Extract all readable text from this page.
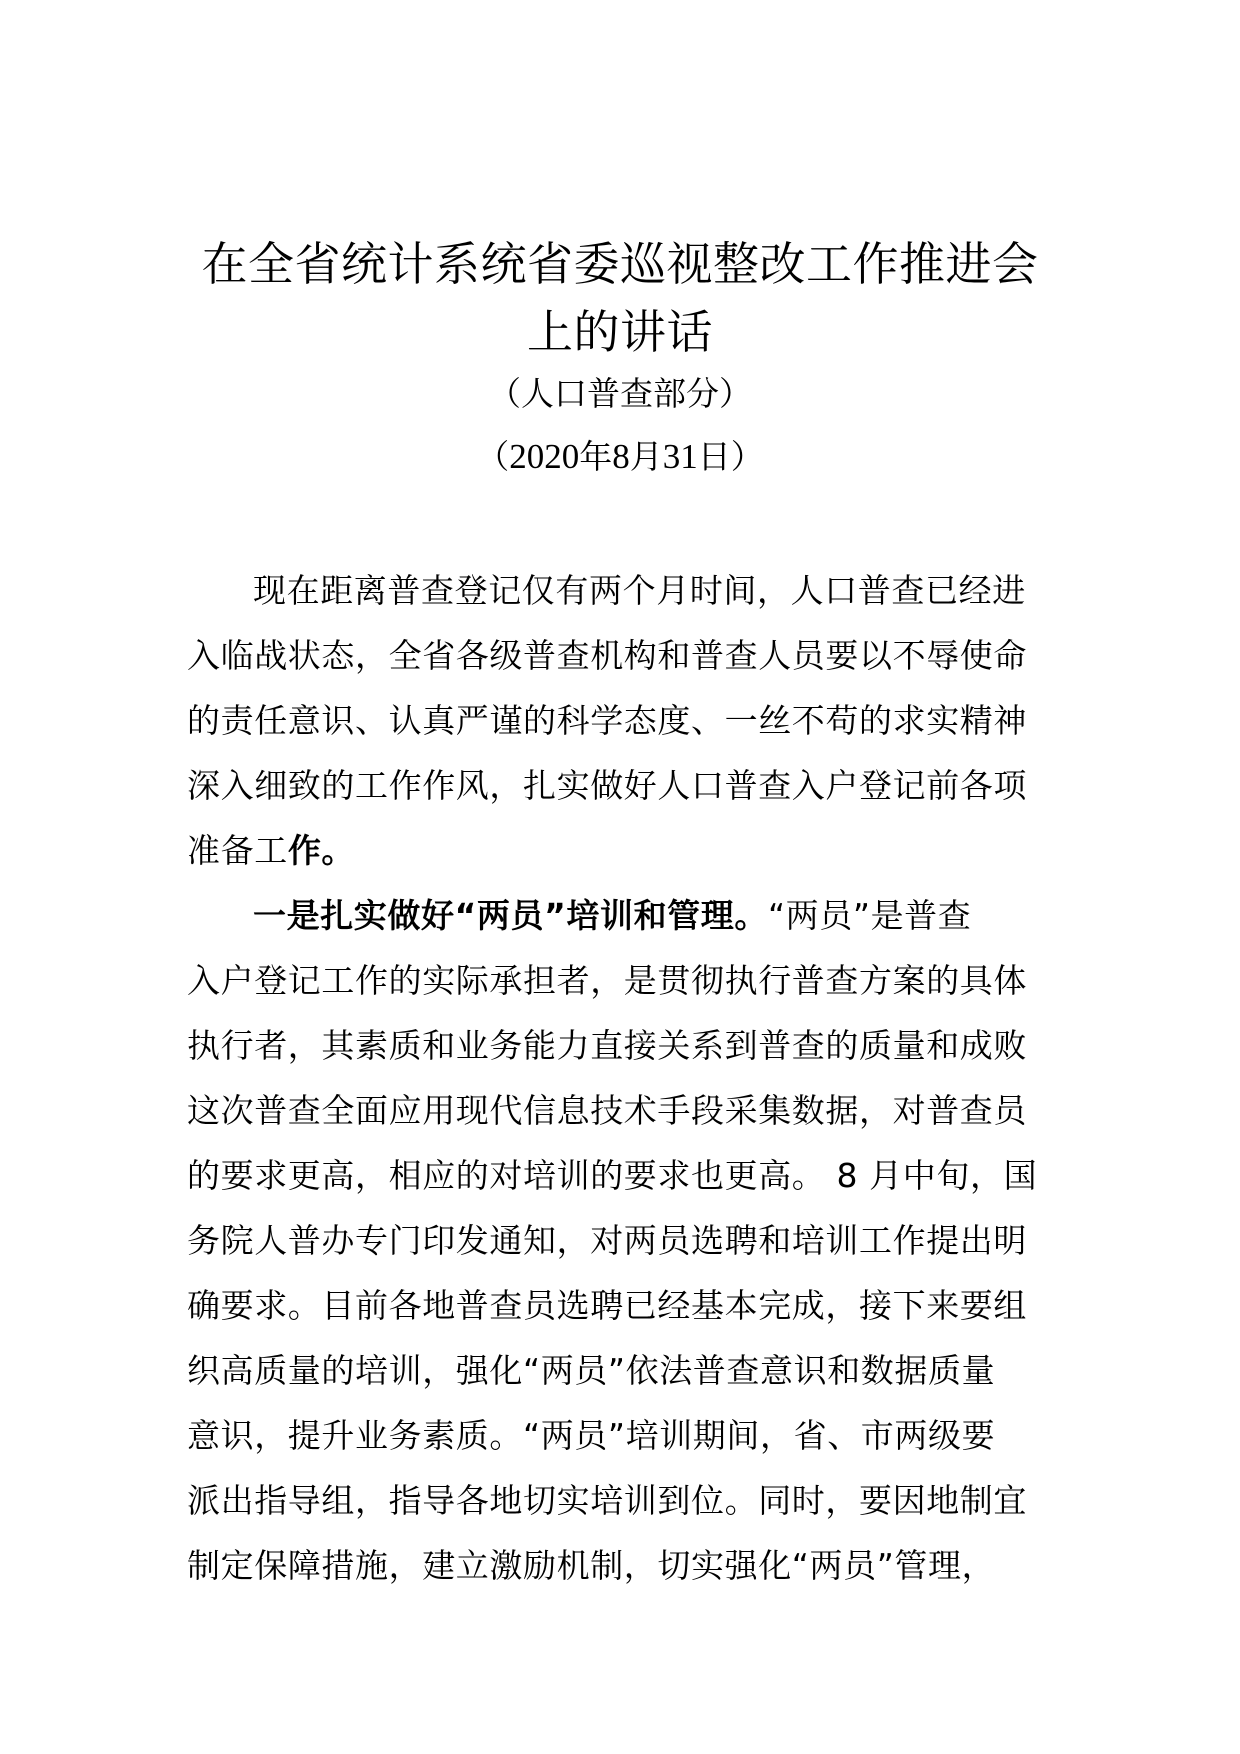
在全省统计系统省委巡视整改工作推进会
上的讲话
（人口普查部分）
（2020年8月31日）
现在距离普查登记仅有两个月时间，人口普查已经进
入临战状态，全省各级普查机构和普查人员要以不辱使命
的责任意识、认真严谨的科学态度、一丝不苟的求实精神
深入细致的工作作风，扎实做好人口普查入户登记前各项
准备工作。
一是扎实做好“两员”培训和管理。“两员”是普查
入户登记工作的实际承担者，是贯彻执行普查方案的具体
执行者，其素质和业务能力直接关系到普查的质量和成败
这次普查全面应用现代信息技术手段采集数据，对普查员
的要求更高，相应的对培训的要求也更高。 8 月中旬，国
务院人普办专门印发通知，对两员选聘和培训工作提出明
确要求。目前各地普查员选聘已经基本完成，接下来要组
织高质量的培训，强化“两员”依法普查意识和数据质量
意识，提升业务素质。“两员”培训期间，省、市两级要
派出指导组，指导各地切实培训到位。同时，要因地制宜
制定保障措施，建立激励机制，切实强化“两员”管理，
